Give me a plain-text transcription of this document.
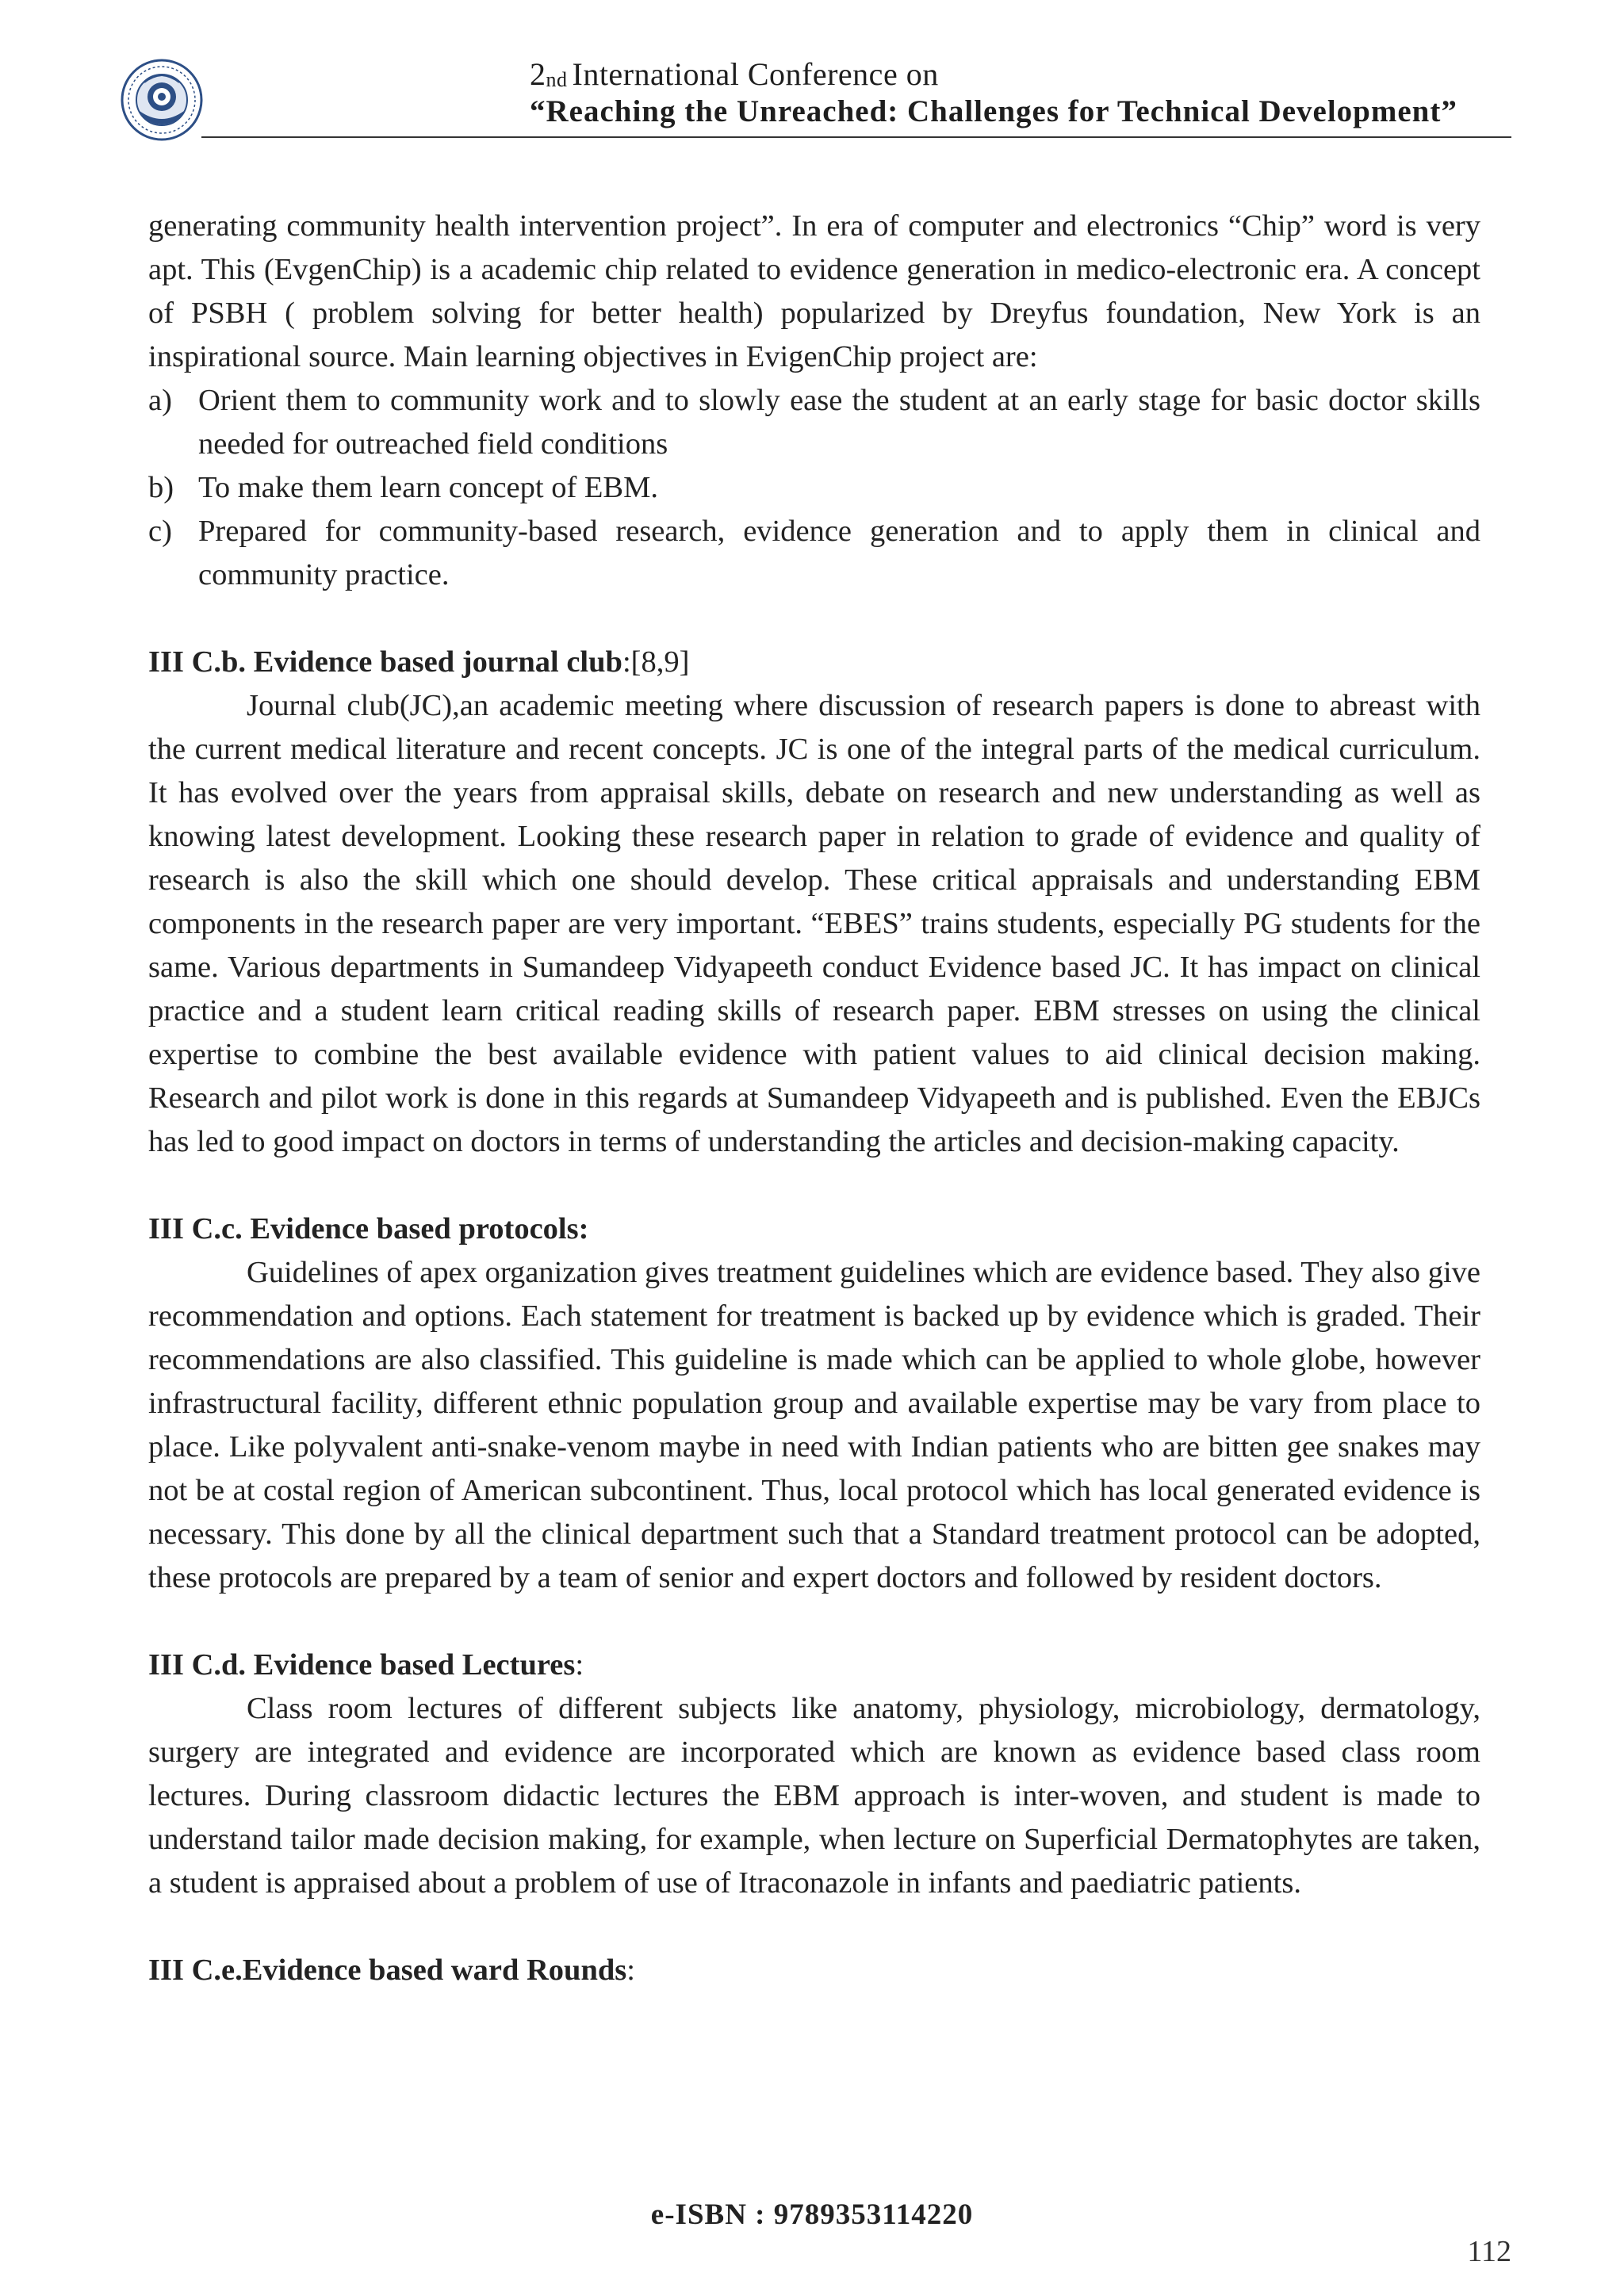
2nd International Conference on
“Reaching the Unreached: Challenges for Technical Development”

generating community health intervention project”. In era of computer and electronics “Chip” word is very apt. This (EvgenChip) is a academic chip related to evidence generation in medico-electronic era. A concept of PSBH ( problem solving for better health) popularized by Dreyfus foundation, New York is an inspirational source. Main learning objectives in EvigenChip project are:

a) Orient them to community work and to slowly ease the student at an early stage for basic doctor skills needed for outreached field conditions
b) To make them learn concept of EBM.
c) Prepared for community-based research, evidence generation and to apply them in clinical and community practice.
III C.b. Evidence based journal club:[8,9]

Journal club(JC),an academic meeting where discussion of research papers is done to abreast with the current medical literature and recent concepts. JC is one of the integral parts of the medical curriculum. It has evolved over the years from appraisal skills, debate on research and new understanding as well as knowing latest development. Looking these research paper in relation to grade of evidence and quality of research is also the skill which one should develop. These critical appraisals and understanding EBM components in the research paper are very important. “EBES” trains students, especially PG students for the same. Various departments in Sumandeep Vidyapeeth conduct Evidence based JC. It has impact on clinical practice and a student learn critical reading skills of research paper. EBM stresses on using the clinical expertise to combine the best available evidence with patient values to aid clinical decision making. Research and pilot work is done in this regards at Sumandeep Vidyapeeth and is published. Even the EBJCs has led to good impact on doctors in terms of understanding the articles and decision-making capacity.

III C.c. Evidence based protocols:

Guidelines of apex organization gives treatment guidelines which are evidence based. They also give recommendation and options. Each statement for treatment is backed up by evidence which is graded. Their recommendations are also classified. This guideline is made which can be applied to whole globe, however infrastructural facility, different ethnic population group and available expertise may be vary from place to place. Like polyvalent anti-snake-venom maybe in need with Indian patients who are bitten gee snakes may not be at costal region of American subcontinent. Thus, local protocol which has local generated evidence is necessary. This done by all the clinical department such that a Standard treatment protocol can be adopted, these protocols are prepared by a team of senior and expert doctors and followed by resident doctors.

III C.d. Evidence based Lectures:

Class room lectures of different subjects like anatomy, physiology, microbiology, dermatology, surgery are integrated and evidence are incorporated which are known as evidence based class room lectures. During classroom didactic lectures the EBM approach is inter-woven, and student is made to understand tailor made decision making, for example, when lecture on Superficial Dermatophytes are taken, a student is appraised about a problem of use of Itraconazole in infants and paediatric patients.

III C.e.Evidence based ward Rounds:
e-ISBN : 9789353114220
112
